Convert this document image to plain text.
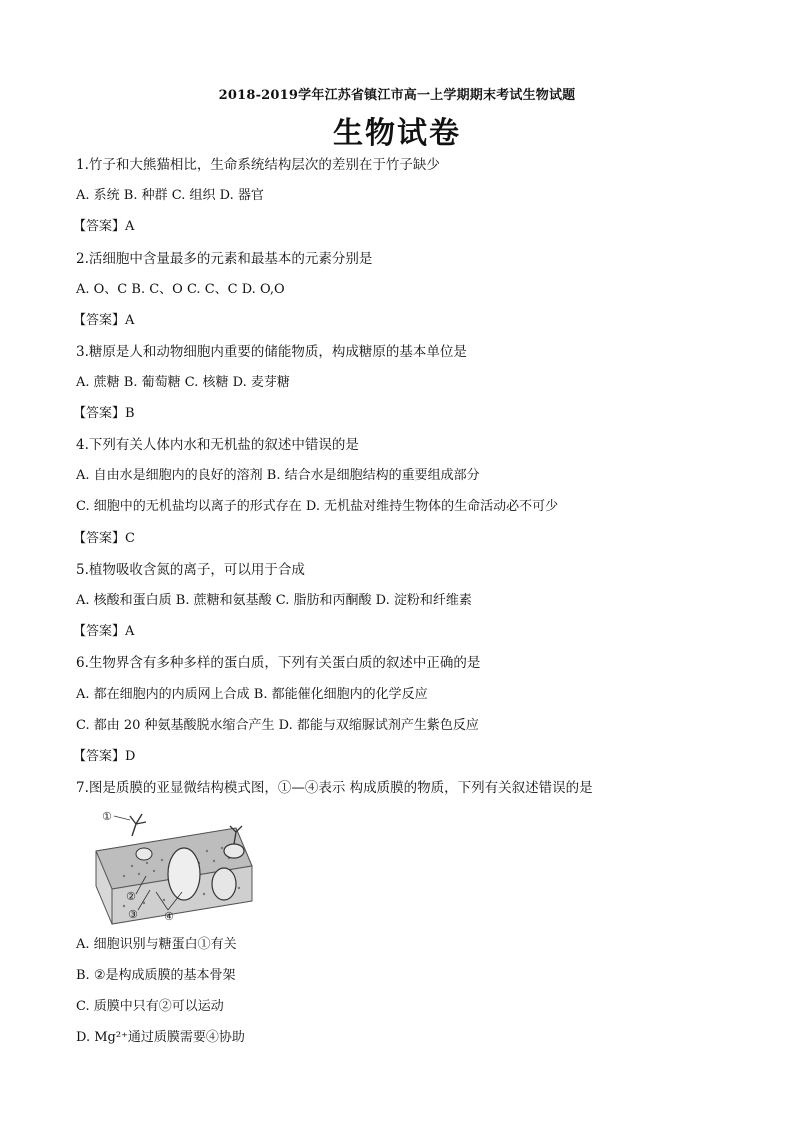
2018-2019学年江苏省镇江市高一上学期期末考试生物试题
生物试卷
1.竹子和大熊猫相比，生命系统结构层次的差别在于竹子缺少
A. 系统 B. 种群 C. 组织 D. 器官
【答案】A
2.活细胞中含量最多的元素和最基本的元素分别是
A. O、C B. C、O C. C、C D. O,O
【答案】A
3.糖原是人和动物细胞内重要的储能物质，构成糖原的基本单位是
A. 蔗糖 B. 葡萄糖 C. 核糖 D. 麦芽糖
【答案】B
4.下列有关人体内水和无机盐的叙述中错误的是
A. 自由水是细胞内的良好的溶剂 B. 结合水是细胞结构的重要组成部分
C. 细胞中的无机盐均以离子的形式存在 D. 无机盐对维持生物体的生命活动必不可少
【答案】C
5.植物吸收含氮的离子，可以用于合成
A. 核酸和蛋白质 B. 蔗糖和氨基酸 C. 脂肪和丙酮酸 D. 淀粉和纤维素
【答案】A
6.生物界含有多种多样的蛋白质，下列有关蛋白质的叙述中正确的是
A. 都在细胞内的内质网上合成 B. 都能催化细胞内的化学反应
C. 都由 20 种氨基酸脱水缩合产生 D. 都能与双缩脲试剂产生紫色反应
【答案】D
7.图是质膜的亚显微结构模式图，①—④表示 构成质膜的物质，下列有关叙述错误的是
①
②
③ ④
A. 细胞识别与糖蛋白①有关
B. ②是构成质膜的基本骨架
C. 质膜中只有②可以运动
D. Mg²⁺通过质膜需要④协助
